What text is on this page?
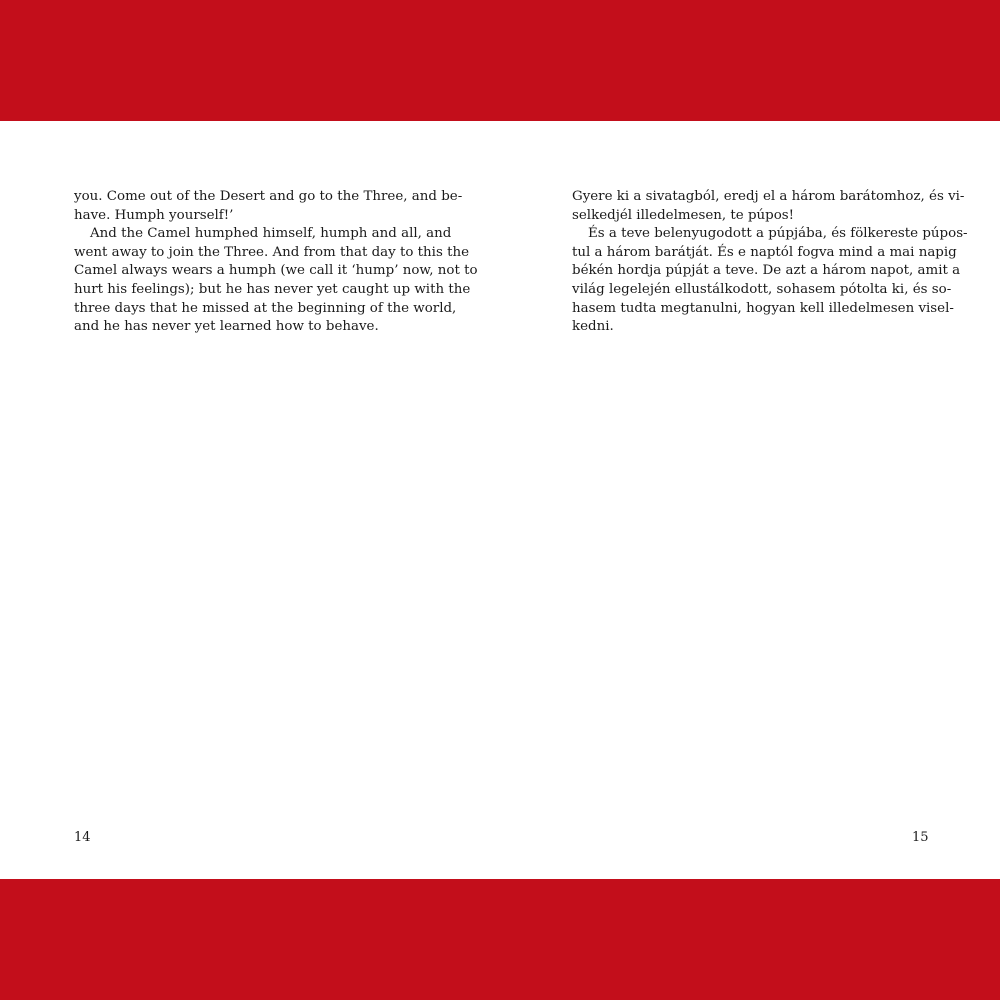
you. Come out of the Desert and go to the Three, and be-
have. Humph yourself!’
And the Camel humphed himself, humph and all, and
went away to join the Three. And from that day to this the
Camel always wears a humph (we call it ‘hump’ now, not to
hurt his feelings); but he has never yet caught up with the
three days that he missed at the beginning of the world,
and he has never yet learned how to behave.
Gyere ki a sivatagból, eredj el a három barátomhoz, és vi-
selkedjél illedelmesen, te púpos!
És a teve belenyugodott a púpjába, és fölkereste púpos-
tul a három barátját. És e naptól fogva mind a mai napig
békén hordja púpját a teve. De azt a három napot, amit a
világ legelején ellustálkodott, sohasem pótolta ki, és so-
hasem tudta megtanulni, hogyan kell illedelmesen visel-
kedni.
14	15
